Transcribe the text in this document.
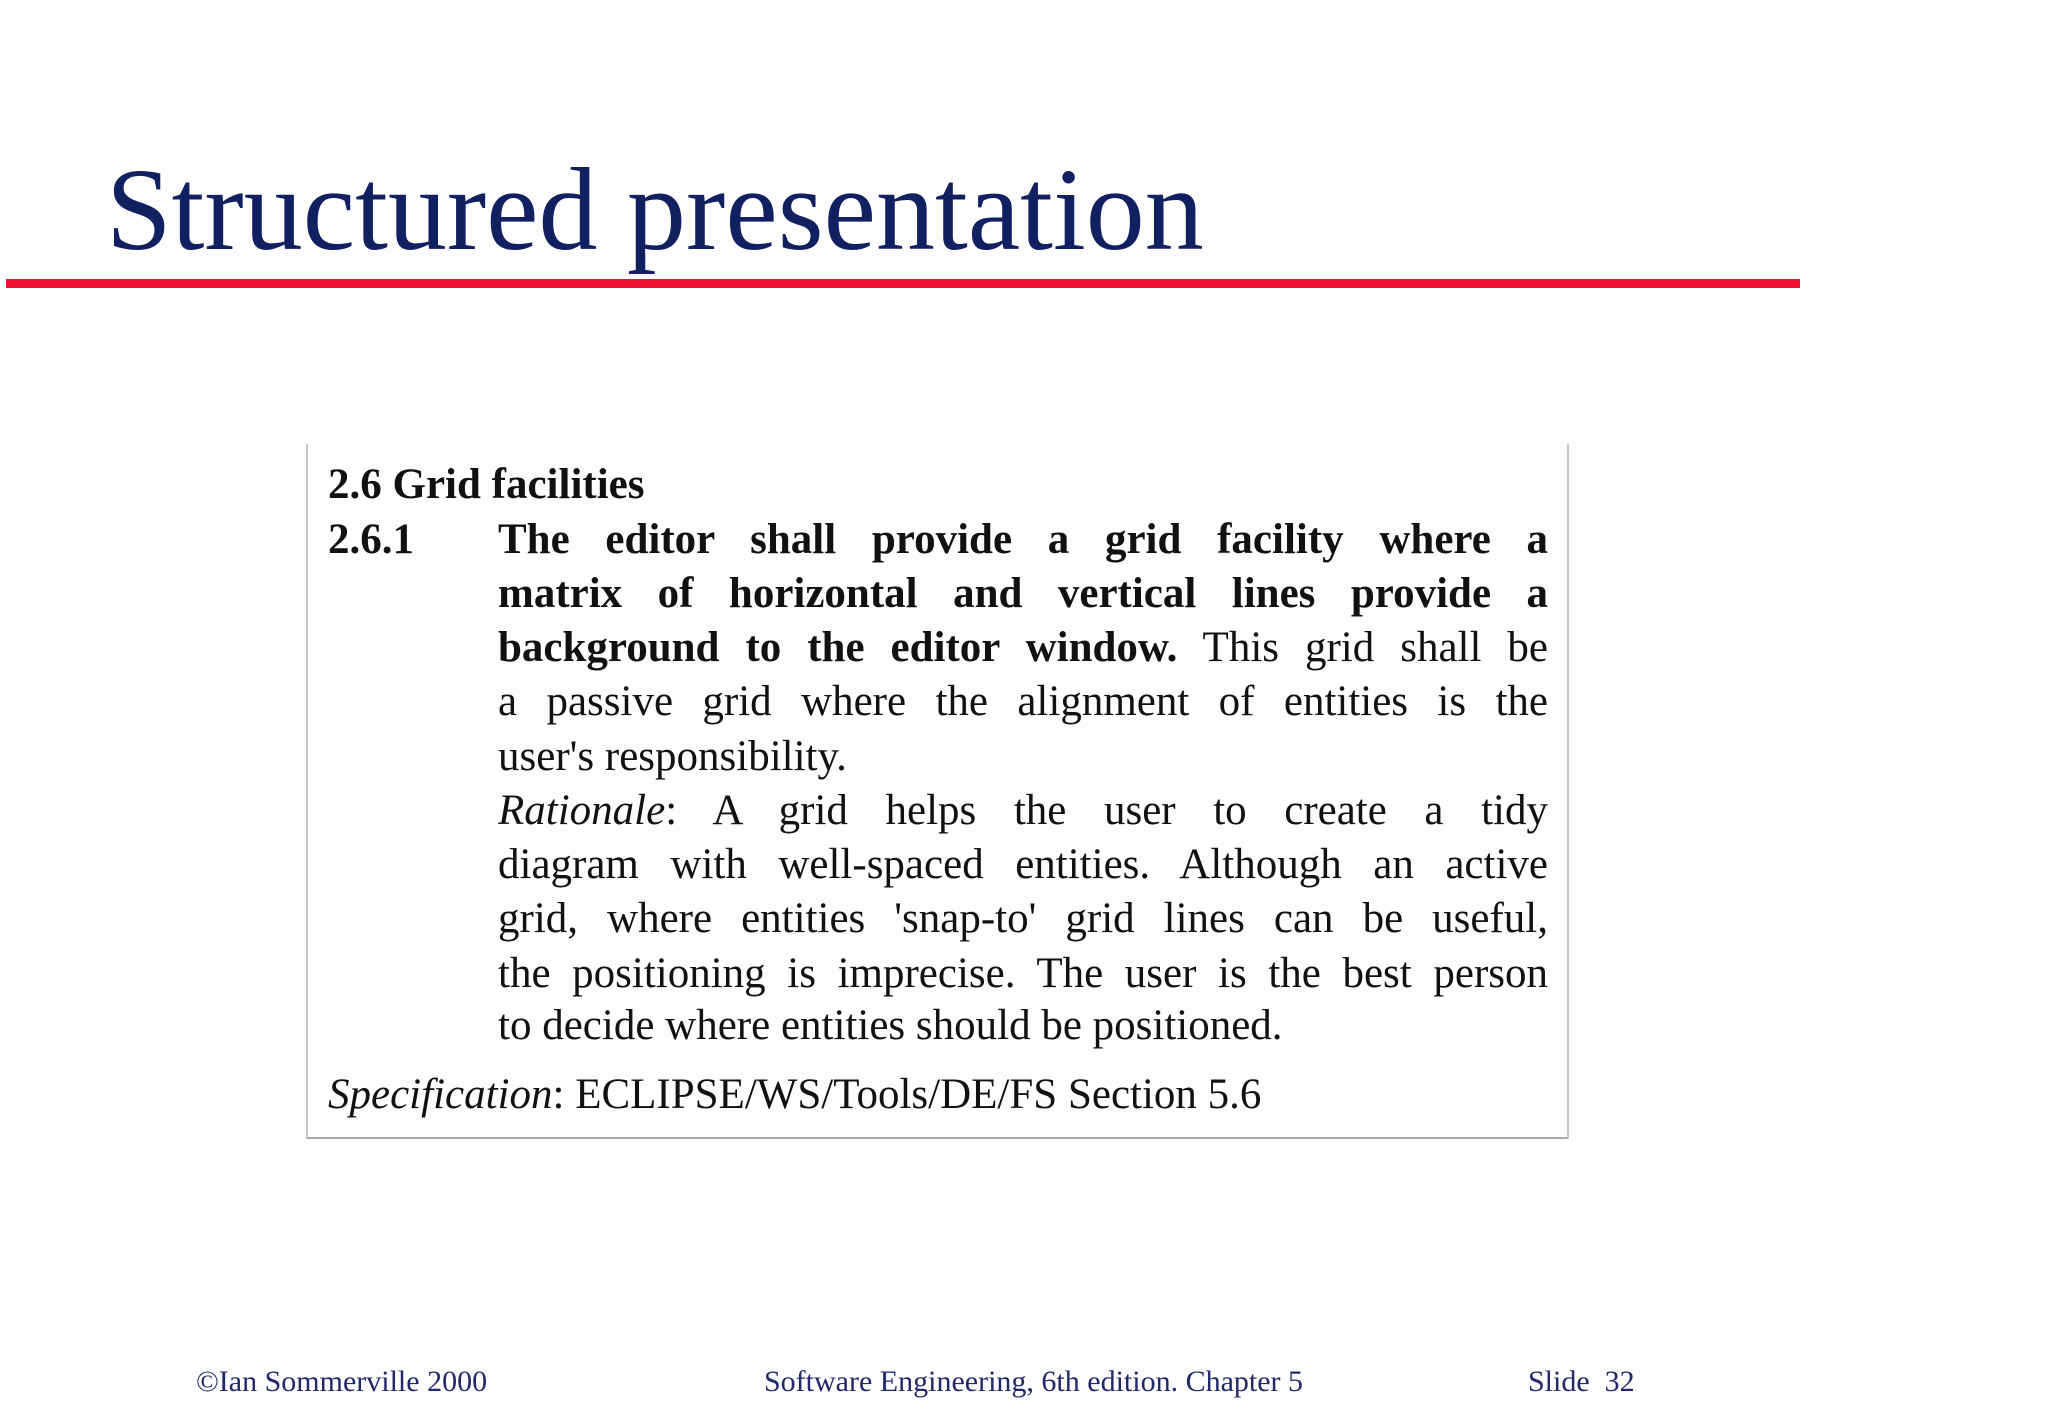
Structured presentation
2.6 Grid facilities
2.6.1 The editor shall provide a grid facility where a
matrix of horizontal and vertical lines provide a
background to the editor window. This grid shall be
a passive grid where the alignment of entities is the
user's responsibility.
Rationale: A grid helps the user to create a tidy
diagram with well-spaced entities. Although an active
grid, where entities 'snap-to' grid lines can be useful,
the positioning is imprecise. The user is the best person
to decide where entities should be positioned.
Specification: ECLIPSE/WS/Tools/DE/FS Section 5.6
©Ian Sommerville 2000	Software Engineering, 6th edition. Chapter 5	Slide  32
